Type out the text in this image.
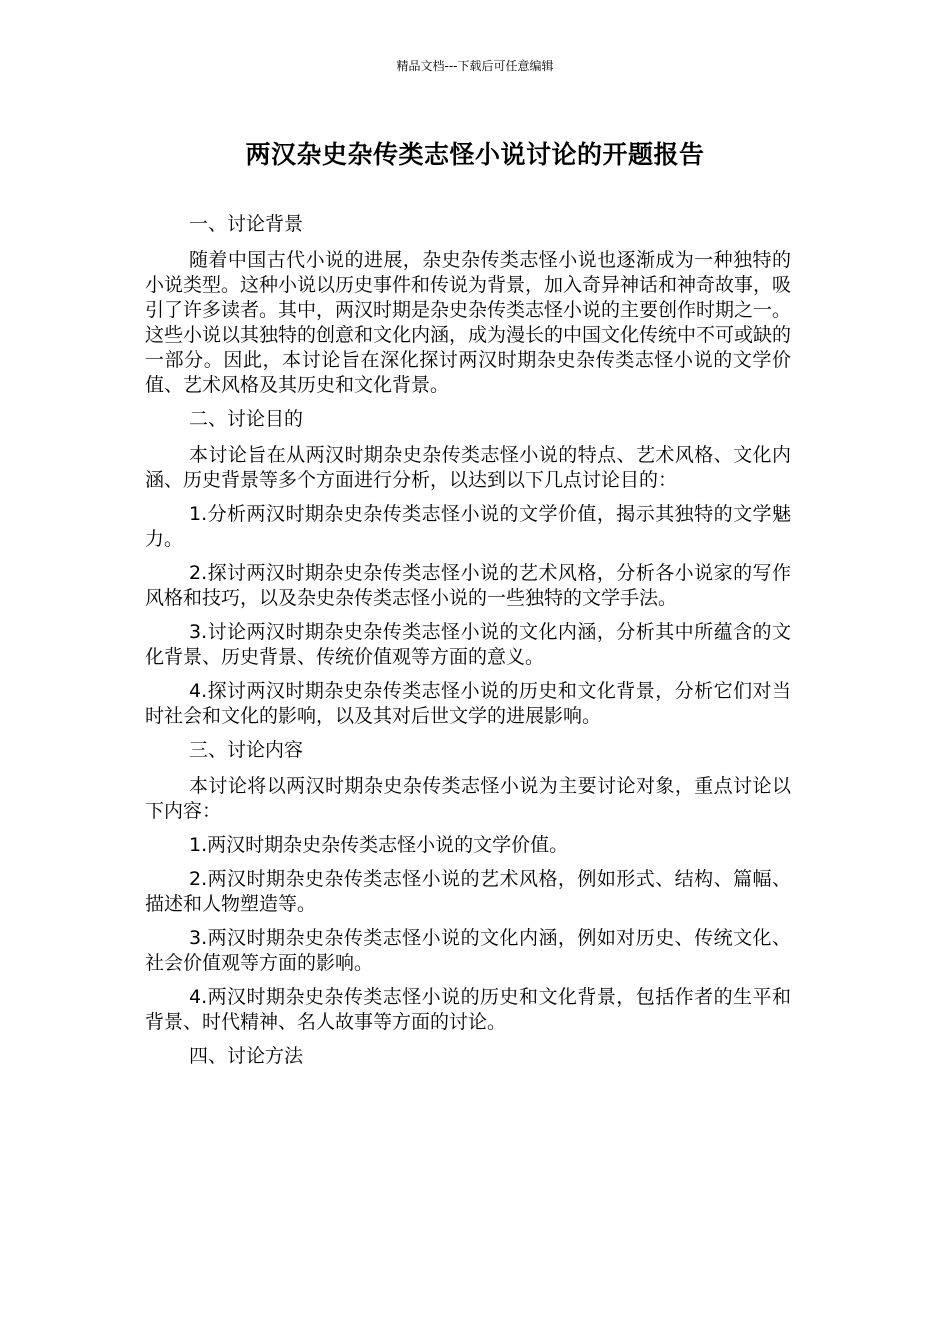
精品文档---下载后可任意编辑
两汉杂史杂传类志怪小说讨论的开题报告

一、讨论背景

随着中国古代小说的进展，杂史杂传类志怪小说也逐渐成为一种独特的小说类型。这种小说以历史事件和传说为背景，加入奇异神话和神奇故事，吸引了许多读者。其中，两汉时期是杂史杂传类志怪小说的主要创作时期之一。这些小说以其独特的创意和文化内涵，成为漫长的中国文化传统中不可或缺的一部分。因此，本讨论旨在深化探讨两汉时期杂史杂传类志怪小说的文学价值、艺术风格及其历史和文化背景。

二、讨论目的

本讨论旨在从两汉时期杂史杂传类志怪小说的特点、艺术风格、文化内涵、历史背景等多个方面进行分析，以达到以下几点讨论目的：

1.分析两汉时期杂史杂传类志怪小说的文学价值，揭示其独特的文学魅力。

2.探讨两汉时期杂史杂传类志怪小说的艺术风格，分析各小说家的写作风格和技巧，以及杂史杂传类志怪小说的一些独特的文学手法。

3.讨论两汉时期杂史杂传类志怪小说的文化内涵，分析其中所蕴含的文化背景、历史背景、传统价值观等方面的意义。

4.探讨两汉时期杂史杂传类志怪小说的历史和文化背景，分析它们对当时社会和文化的影响，以及其对后世文学的进展影响。

三、讨论内容

本讨论将以两汉时期杂史杂传类志怪小说为主要讨论对象，重点讨论以下内容：

1.两汉时期杂史杂传类志怪小说的文学价值。

2.两汉时期杂史杂传类志怪小说的艺术风格，例如形式、结构、篇幅、描述和人物塑造等。

3.两汉时期杂史杂传类志怪小说的文化内涵，例如对历史、传统文化、社会价值观等方面的影响。

4.两汉时期杂史杂传类志怪小说的历史和文化背景，包括作者的生平和背景、时代精神、名人故事等方面的讨论。

四、讨论方法
